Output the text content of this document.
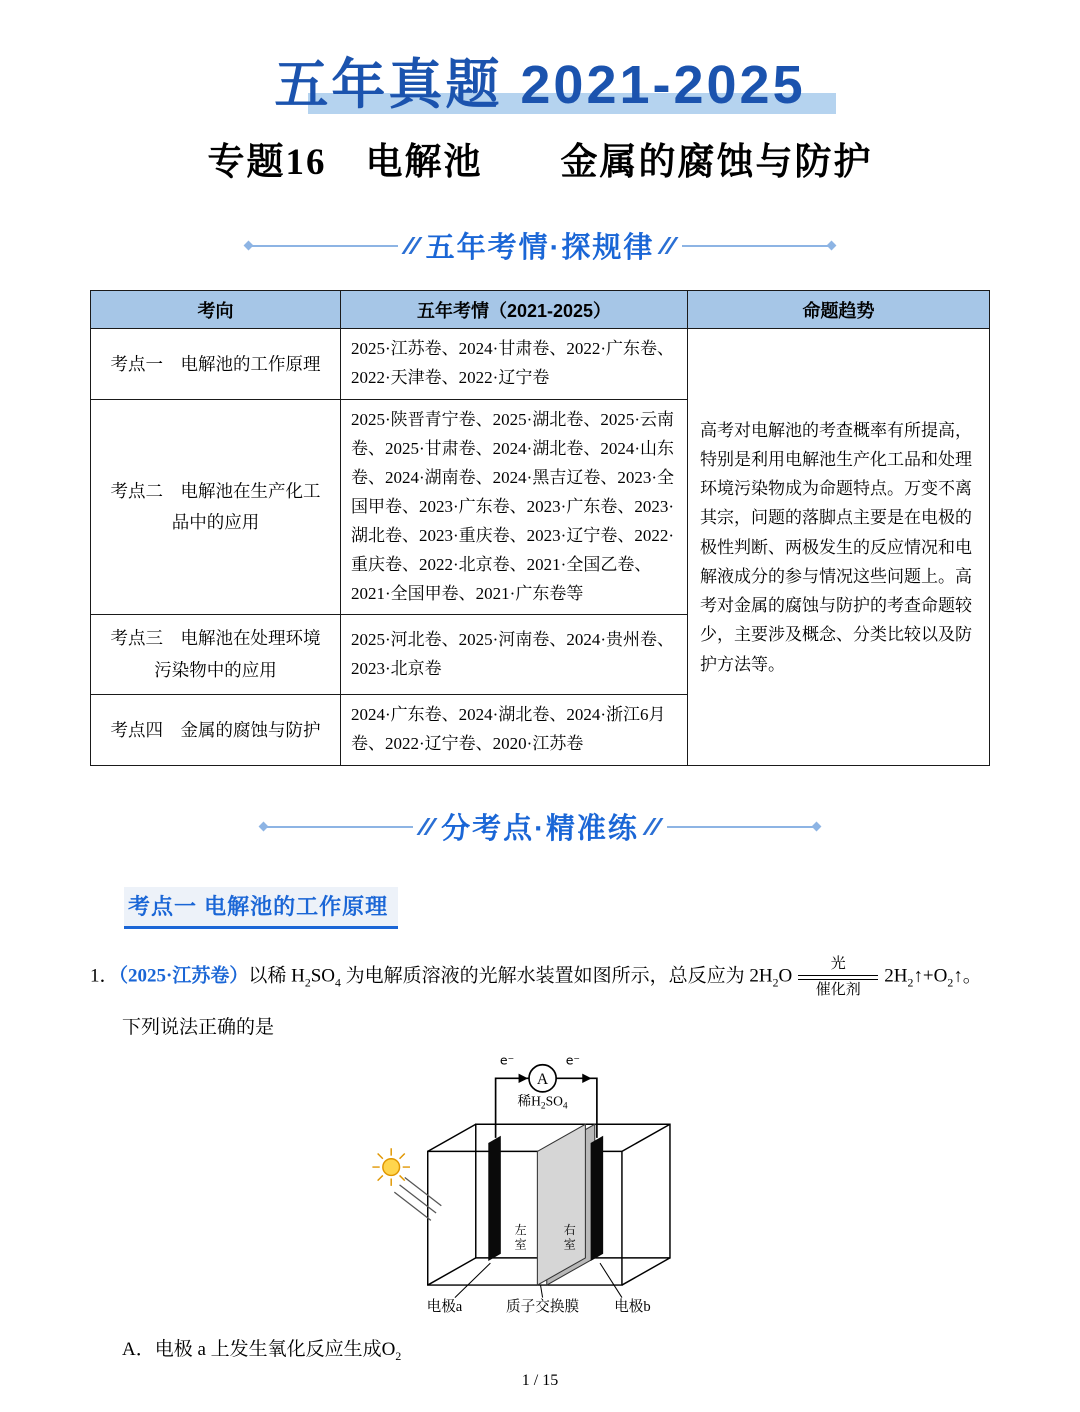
五年真题 2021-2025
专题16　电解池　　金属的腐蚀与防护
五年考情·探规律
考向	五年考情（2021-2025）	命题趋势
考点一　电解池的工作原理	2025·江苏卷、2024·甘肃卷、2022·广东卷、2022·天津卷、2022·辽宁卷	高考对电解池的考查概率有所提高，特别是利用电解池生产化工品和处理环境污染物成为命题特点。万变不离其宗，问题的落脚点主要是在电极的极性判断、两极发生的反应情况和电解液成分的参与情况这些问题上。高考对金属的腐蚀与防护的考查命题较少，主要涉及概念、分类比较以及防护方法等。
考点二　电解池在生产化工品中的应用	2025·陕晋青宁卷、2025·湖北卷、2025·云南卷、2025·甘肃卷、2024·湖北卷、2024·山东卷、2024·湖南卷、2024·黑吉辽卷、2023·全国甲卷、2023·广东卷、2023·广东卷、2023·湖北卷、2023·重庆卷、2023·辽宁卷、2022·重庆卷、2022·北京卷、2021·全国乙卷、2021·全国甲卷、2021·广东卷等	
考点三　电解池在处理环境污染物中的应用	2025·河北卷、2025·河南卷、2024·贵州卷、2023·北京卷	
考点四　金属的腐蚀与防护	2024·广东卷、2024·湖北卷、2024·浙江6月卷、2022·辽宁卷、2020·江苏卷	
分考点·精准练
考点一 电解池的工作原理
1．（2025·江苏卷）以稀 $H_2SO_4$ 为电解质溶液的光解水装置如图所示，总反应为 $2H_2O$
光
催化剂
$2H_2↑+O_2↑$。
下列说法正确的是
e⁻	e⁻
A
稀$H_2SO_4$
左
室
右
室
电极a	质子交换膜	电极b
A．电极 a 上发生氧化反应生成$O_2$
1 / 15
